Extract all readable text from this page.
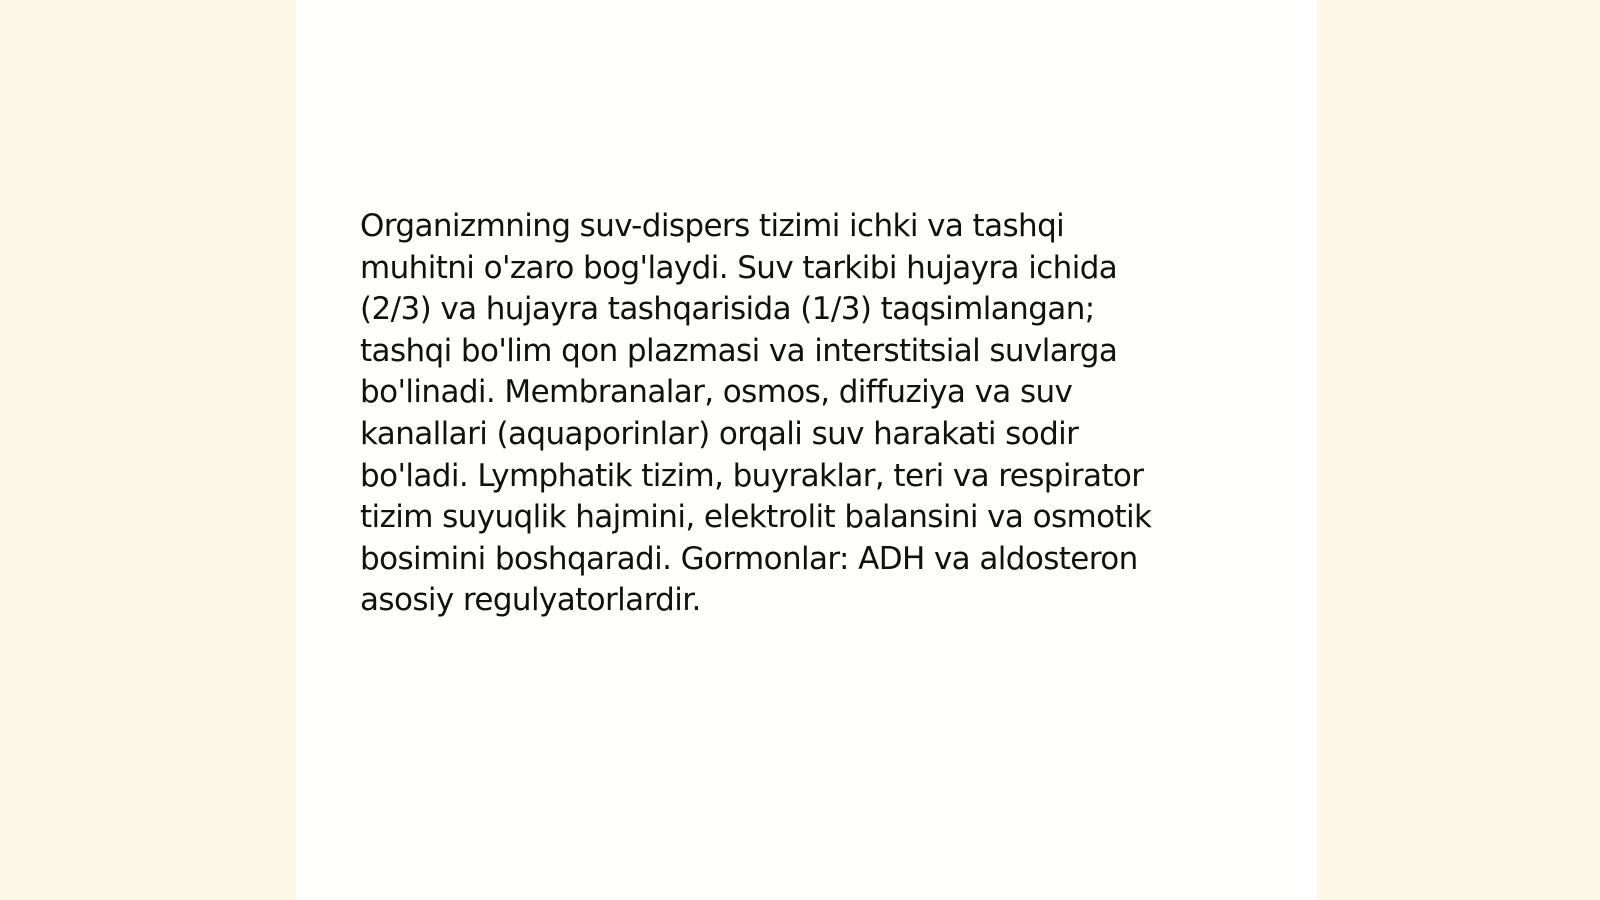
Organizmning suv-dispers tizimi ichki va tashqi
muhitni o'zaro bog'laydi. Suv tarkibi hujayra ichida
(2/3) va hujayra tashqarisida (1/3) taqsimlangan;
tashqi bo'lim qon plazmasi va interstitsial suvlarga
bo'linadi. Membranalar, osmos, diffuziya va suv
kanallari (aquaporinlar) orqali suv harakati sodir
bo'ladi. Lymphatik tizim, buyraklar, teri va respirator
tizim suyuqlik hajmini, elektrolit balansini va osmotik
bosimini boshqaradi. Gormonlar: ADH va aldosteron
asosiy regulyatorlardir.
